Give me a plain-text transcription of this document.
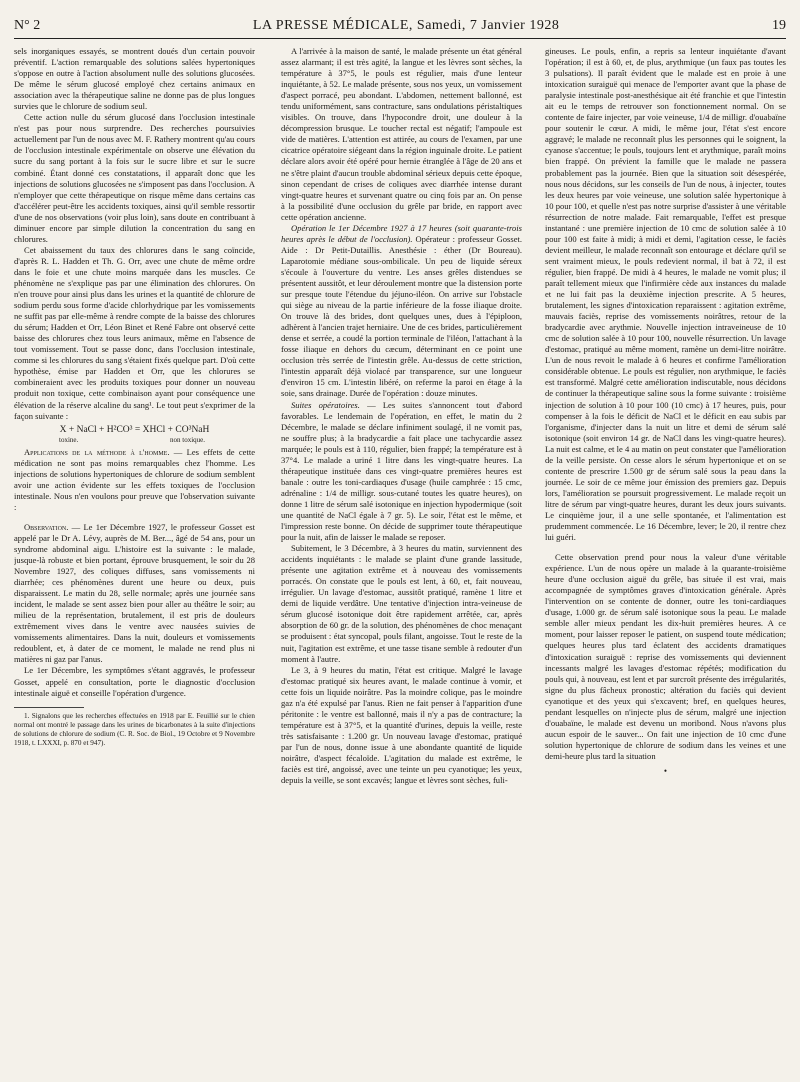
N° 2	LA PRESSE MÉDICALE, Samedi, 7 Janvier 1928	19

sels inorganiques essayés, se montrent doués d'un certain pouvoir préventif. L'action remarquable des solutions salées hypertoniques s'oppose en outre à l'action absolument nulle des solutions glucosées. De même le sérum glucosé employé chez certains animaux en association avec la thérapeutique saline ne donne pas de plus longues survies que le chlorure de sodium seul.

Cette action nulle du sérum glucosé dans l'occlusion intestinale n'est pas pour nous surprendre. Des recherches poursuivies actuellement par l'un de nous avec M. F. Rathery montrent qu'au cours de l'occlusion intestinale expérimentale on observe une élévation du sucre du sang portant à la fois sur le sucre libre et sur le sucre combiné. Étant donné ces constatations, il apparaît donc que les injections de solutions glucosées ne s'imposent pas dans l'occlusion. A n'employer que cette thérapeutique on risque même dans certains cas d'accélérer peut-être les accidents toxiques, ainsi qu'il semble ressortir d'une de nos observations (voir plus loin), sans doute en contribuant à diminuer encore par simple dilution la concentration du sang en chlorures.

Cet abaissement du taux des chlorures dans le sang coïncide, d'après R. L. Hadden et Th. G. Orr, avec une chute de même ordre dans le foie et une chute moins marquée dans les muscles. Ce phénomène ne s'explique pas par une élimination des chlorures. On n'en trouve pour ainsi plus dans les urines et la quantité de chlorure de sodium perdu sous forme d'acide chlorhydrique par les vomissements ne suffit pas par elle-même à rendre compte de la baisse des chlorures du sérum; Hadden et Orr, Léon Binet et René Fabre ont observé cette baisse des chlorures chez tous leurs animaux, même en l'absence de tout vomissement. Tout se passe donc, dans l'occlusion intestinale, comme si les chlorures du sang s'étaient fixés quelque part. D'où cette hypothèse, émise par Hadden et Orr, que les chlorures se combineraient avec les produits toxiques pour donner un nouveau produit non toxique, cette combinaison ayant pour conséquence une élévation de la réserve alcaline du sang¹. Le tout peut s'exprimer de la façon suivante :

X + NaCl + H²CO³ = XHCl + CO³NaH
toxine.	non toxique.

Applications de la méthode à l'homme. — Les effets de cette médication ne sont pas moins remarquables chez l'homme. Les injections de solutions hypertoniques de chlorure de sodium semblent avoir une action évidente sur les effets toxiques de l'occlusion intestinale. Nous n'en voulons pour preuve que l'observation suivante :

Observation. — Le 1er Décembre 1927, le professeur Gosset est appelé par le Dr A. Lévy, auprès de M. Ber..., âgé de 54 ans, pour un syndrome abdominal aigu. L'histoire est la suivante : le malade, jusque-là robuste et bien portant, éprouve brusquement, le soir du 28 Novembre 1927, des coliques diffuses, sans vomissements ni diarrhée; ces phénomènes durent une heure ou deux, puis disparaissent. Le matin du 28, selle normale; après une journée sans incident, le malade se sent assez bien pour aller au théâtre le soir; au milieu de la représentation, brutalement, il est pris de douleurs extrêmement vives dans le ventre avec nausées suivies de vomissements alimentaires. Dans la nuit, douleurs et vomissements redoublent, et, à dater de ce moment, le malade ne rend plus ni matières ni gaz par l'anus.

Le 1er Décembre, les symptômes s'étant aggravés, le professeur Gosset, appelé en consultation, porte le diagnostic d'occlusion intestinale aiguë et conseille l'opération d'urgence.

1. Signalons que les recherches effectuées en 1918 par E. Feuillié sur le chien normal ont montré le passage dans les urines de bicarbonates à la suite d'injections de solutions de chlorure de sodium (C. R. Soc. de Biol., 19 Octobre et 9 Novembre 1918, t. LXXXI, p. 870 et 947).

A l'arrivée à la maison de santé, le malade présente un état général assez alarmant; il est très agité, la langue et les lèvres sont sèches, la température à 37°5, le pouls est régulier, mais d'une lenteur inquiétante, à 52. Le malade présente, sous nos yeux, un vomissement d'aspect porracé, peu abondant. L'abdomen, nettement ballonné, est tendu uniformément, sans contracture, sans ondulations péristaltiques visibles. On trouve, dans l'hypocondre droit, une douleur à la décompression brusque. Le toucher rectal est négatif; l'ampoule est vide de matières. L'attention est attirée, au cours de l'examen, par une cicatrice opératoire siégeant dans la région inguinale droite. Le patient déclare alors avoir été opéré pour hernie étranglée à l'âge de 20 ans et ne s'être plaint d'aucun trouble abdominal sérieux depuis cette époque, sinon cependant de crises de coliques avec diarrhée intense durant vingt-quatre heures et survenant quatre ou cinq fois par an. On pense à la possibilité d'une occlusion du grêle par bride, en rapport avec cette opération ancienne.

Opération le 1er Décembre 1927 à 17 heures (soit quarante-trois heures après le début de l'occlusion). Opérateur : professeur Gosset. Aide : Dr Petit-Dutaillis. Anesthésie : éther (Dr Boureau). Laparotomie médiane sous-ombilicale. Un peu de liquide séreux s'écoule à l'ouverture du ventre. Les anses grêles distendues se présentent aussitôt, et leur déroulement montre que la distension porte sur presque toute l'étendue du jéjuno-iléon. On arrive sur l'obstacle qui siège au niveau de la partie inférieure de la fosse iliaque droite. On trouve là des brides, dont quelques unes, dues à l'épiploon, adhèrent à l'ancien trajet herniaire. Une de ces brides, particulièrement dense et serrée, a coudé la portion terminale de l'iléon, l'attachant à la fosse iliaque en dehors du cæcum, déterminant en ce point une occlusion très serrée de l'intestin grêle. Au-dessus de cette striction, l'intestin apparaît déjà violacé par transparence, sur une longueur d'environ 15 cm. L'intestin libéré, on referme la paroi en étage à la soie, sans drainage. Durée de l'opération : douze minutes.

Suites opératoires. — Les suites s'annoncent tout d'abord favorables. Le lendemain de l'opération, en effet, le matin du 2 Décembre, le malade se déclare infiniment soulagé, il ne vomit pas, ne souffre plus; à la bradycardie a fait place une tachycardie assez marquée; le pouls est à 110, régulier, bien frappé; la température est à 37°4. Le malade a uriné 1 litre dans les vingt-quatre heures. La thérapeutique instituée dans ces vingt-quatre premières heures est banale : outre les toni-cardiaques d'usage (huile camphrée : 15 cmc, adrénaline : 1/4 de milligr. sous-cutané toutes les quatre heures), on donne 1 litre de sérum salé isotonique en injection hypodermique (soit une quantité de NaCl égale à 7 gr. 5). Le soir, l'état est le même, et l'impression reste bonne. On décide de supprimer toute thérapeutique pour la nuit, afin de laisser le malade se reposer.

Subitement, le 3 Décembre, à 3 heures du matin, surviennent des accidents inquiétants : le malade se plaint d'une grande lassitude, présente une agitation extrême et à nouveau des vomissements porracés. On constate que le pouls est lent, à 60, et, fait nouveau, irrégulier. Un lavage d'estomac, aussitôt pratiqué, ramène 1 litre et demi de liquide verdâtre. Une tentative d'injection intra-veineuse de sérum glucosé isotonique doit être rapidement arrêtée, car, après absorption de 60 gr. de la solution, des phénomènes de choc menaçant se produisent : état syncopal, pouls filant, angoisse. Tout le reste de la nuit, l'agitation est extrême, et une tasse tisane semble à redouter d'un moment à l'autre.

Le 3, à 9 heures du matin, l'état est critique. Malgré le lavage d'estomac pratiqué six heures avant, le malade continue à vomir, et cette fois un liquide noirâtre. Pas la moindre colique, pas le moindre gaz n'a été expulsé par l'anus. Rien ne fait penser à l'apparition d'une péritonite : le ventre est ballonné, mais il n'y a pas de contracture; la température est à 37°5, et la quantité d'urines, depuis la veille, reste très satisfaisante : 1.200 gr. Un nouveau lavage d'estomac, pratiqué par l'un de nous, donne issue à une abondante quantité de liquide noirâtre, d'aspect fécaloïde. L'agitation du malade est extrême, le faciès est tiré, angoissé, avec une teinte un peu cyanotique; les yeux, depuis la veille, se sont excavés; langue et lèvres sont sèches, fuli-

gineuses. Le pouls, enfin, a repris sa lenteur inquiétante d'avant l'opération; il est à 60, et, de plus, arythmique (un faux pas toutes les 3 pulsations). Il paraît évident que le malade est en proie à une intoxication suraiguë qui menace de l'emporter avant que la phase de paralysie intestinale post-anesthésique ait été franchie et que l'intestin ait eu le temps de retrouver son fonctionnement normal. On se contente de faire injecter, par voie veineuse, 1/4 de milligr. d'ouabaïne pour soutenir le cœur. A midi, le même jour, l'état s'est encore aggravé; le malade ne reconnaît plus les personnes qui le soignent, la cyanose s'accentue; le pouls, toujours lent et arythmique, paraît moins bien frappé. On prévient la famille que le malade ne passera probablement pas la journée. Bien que la situation soit désespérée, nous nous décidons, sur les conseils de l'un de nous, à injecter, toutes les deux heures par voie veineuse, une solution salée hypertonique à 10 pour 100, et quelle n'est pas notre surprise d'assister à une véritable résurrection de notre malade. Fait remarquable, l'effet est presque instantané : une première injection de 10 cmc de solution salée à 10 pour 100 est faite à midi; à midi et demi, l'agitation cesse, le faciès devient meilleur, le malade reconnaît son entourage et déclare qu'il se sent vraiment mieux, le pouls redevient normal, il bat à 72, il est régulier, bien frappé. De midi à 4 heures, le malade ne vomit plus; il paraît tellement mieux que l'infirmière cède aux instances du malade et ne lui fait pas la deuxième injection prescrite. A 5 heures, brutalement, les signes d'intoxication reparaissent : agitation extrême, mauvais faciès, reprise des vomissements noirâtres, retour de la bradycardie avec arythmie. Nouvelle injection intraveineuse de 10 cmc de solution salée à 10 pour 100, nouvelle résurrection. Un lavage d'estomac, pratiqué au même moment, ramène un demi-litre noirâtre. L'un de nous revoit le malade à 6 heures et confirme l'amélioration considérable obtenue. Le pouls est régulier, non arythmique, le faciès est transformé. Malgré cette amélioration indiscutable, nous décidons de continuer la thérapeutique saline sous la forme suivante : troisième injection de solution à 10 pour 100 (10 cmc) à 17 heures, puis, pour compenser à la fois le déficit de NaCl et le déficit en eau subis par l'organisme, d'injecter dans la nuit un litre et demi de sérum salé isotonique (soit environ 14 gr. de NaCl dans les vingt-quatre heures). La nuit est calme, et le 4 au matin on peut constater que l'amélioration de la veille persiste. On cesse alors le sérum hypertonique et on se contente de prescrire 1.500 gr de sérum salé sous la peau dans la journée. Le soir de ce même jour émission des premiers gaz. Depuis lors, l'amélioration se poursuit progressivement. Le malade reçoit un litre de sérum par vingt-quatre heures, durant les deux jours suivants. Le cinquième jour, il a une selle spontanée, et l'alimentation est prudemment commencée. Le 16 Décembre, lever; le 20, il rentre chez lui guéri.

Cette observation prend pour nous la valeur d'une véritable expérience. L'un de nous opère un malade à la quarante-troisième heure d'une occlusion aiguë du grêle, bas située il est vrai, mais accompagnée de symptômes graves d'intoxication générale. Après l'intervention on se contente de donner, outre les toni-cardiaques d'usage, 1.000 gr. de sérum salé isotonique sous la peau. Le malade semble aller mieux pendant les dix-huit premières heures. A ce moment, pour laisser reposer le patient, on suspend toute médication; quelques heures plus tard éclatent des accidents dramatiques d'intoxication suraiguë : reprise des vomissements qui deviennent incessants malgré les lavages d'estomac répétés; modification du pouls qui, à nouveau, est lent et par surcroît présente des irrégularités, signe du plus fâcheux pronostic; altération du faciès qui devient cyanotique et des yeux qui s'excavent; bref, en quelques heures, pendant lesquelles on n'injecte plus de sérum, malgré une injection d'ouabaïne, le malade est devenu un moribond. Nous n'avons plus aucun espoir de le sauver... On fait une injection de 10 cmc d'une solution hypertonique de chlorure de sodium dans les veines et une demi-heure plus tard la situation

•
